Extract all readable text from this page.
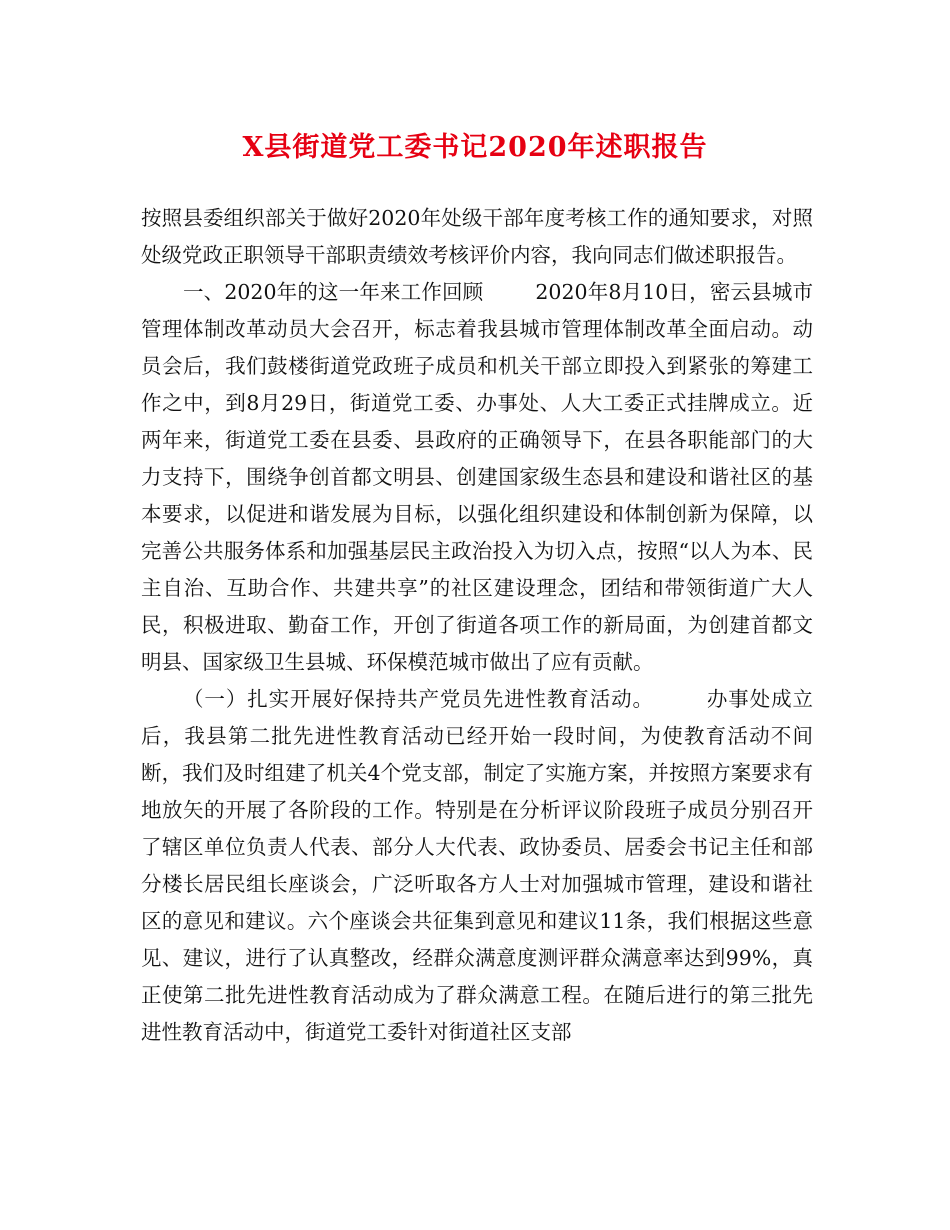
X县街道党工委书记2020年述职报告

按照县委组织部关于做好2020年处级干部年度考核工作的通知要求，对照处级党政正职领导干部职责绩效考核评价内容，我向同志们做述职报告。

一、2020年的这一年来工作回顾	2020年8月10日，密云县城市管理体制改革动员大会召开，标志着我县城市管理体制改革全面启动。动员会后，我们鼓楼街道党政班子成员和机关干部立即投入到紧张的筹建工作之中，到8月29日，街道党工委、办事处、人大工委正式挂牌成立。近两年来，街道党工委在县委、县政府的正确领导下，在县各职能部门的大力支持下，围绕争创首都文明县、创建国家级生态县和建设和谐社区的基本要求，以促进和谐发展为目标，以强化组织建设和体制创新为保障，以完善公共服务体系和加强基层民主政治投入为切入点，按照“以人为本、民主自治、互助合作、共建共享”的社区建设理念，团结和带领街道广大人民，积极进取、勤奋工作，开创了街道各项工作的新局面，为创建首都文明县、国家级卫生县城、环保模范城市做出了应有贡献。

（一）扎实开展好保持共产党员先进性教育活动。	办事处成立后，我县第二批先进性教育活动已经开始一段时间，为使教育活动不间断，我们及时组建了机关4个党支部，制定了实施方案，并按照方案要求有地放矢的开展了各阶段的工作。特别是在分析评议阶段班子成员分别召开了辖区单位负责人代表、部分人大代表、政协委员、居委会书记主任和部分楼长居民组长座谈会，广泛听取各方人士对加强城市管理，建设和谐社区的意见和建议。六个座谈会共征集到意见和建议11条，我们根据这些意见、建议，进行了认真整改，经群众满意度测评群众满意率达到99%，真正使第二批先进性教育活动成为了群众满意工程。在随后进行的第三批先进性教育活动中，街道党工委针对街道社区支部
